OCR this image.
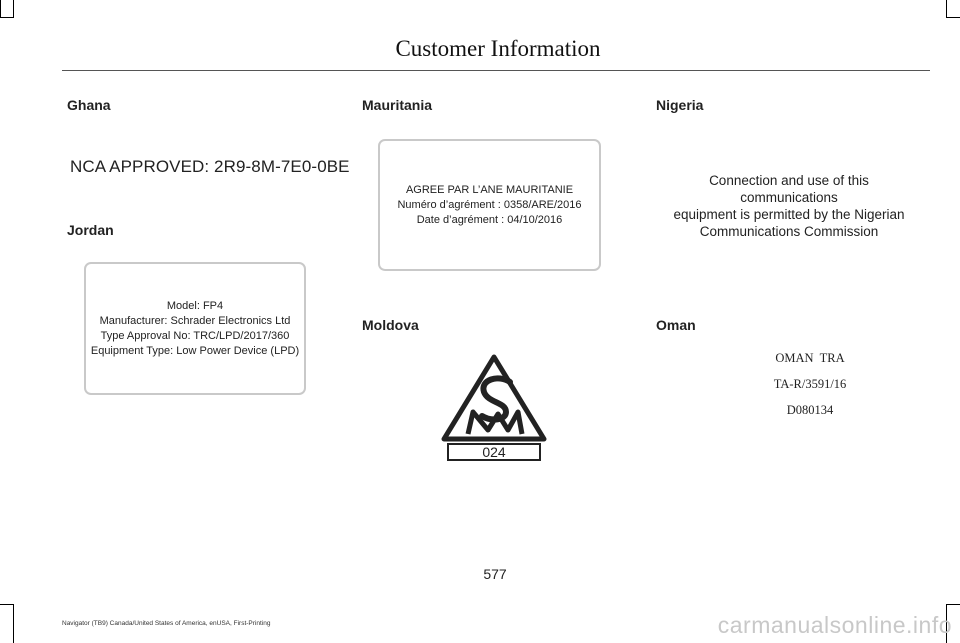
Customer Information
Ghana
NCA APPROVED: 2R9-8M-7E0-0BE
Jordan
Model: FP4
Manufacturer: Schrader Electronics Ltd
Type Approval No: TRC/LPD/2017/360
Equipment Type: Low Power Device (LPD)
Mauritania
AGREE PAR L’ANE MAURITANIE
Numéro d’agrément : 0358/ARE/2016
Date d’agrément : 04/10/2016
Moldova
024
Nigeria
Connection and use of this
communications
equipment is permitted by the Nigerian
Communications Commission
Oman
OMAN  TRA
TA-R/3591/16
D080134
577
Navigator (TB9) Canada/United States of America, enUSA, First-Printing	carmanualsonline.info
